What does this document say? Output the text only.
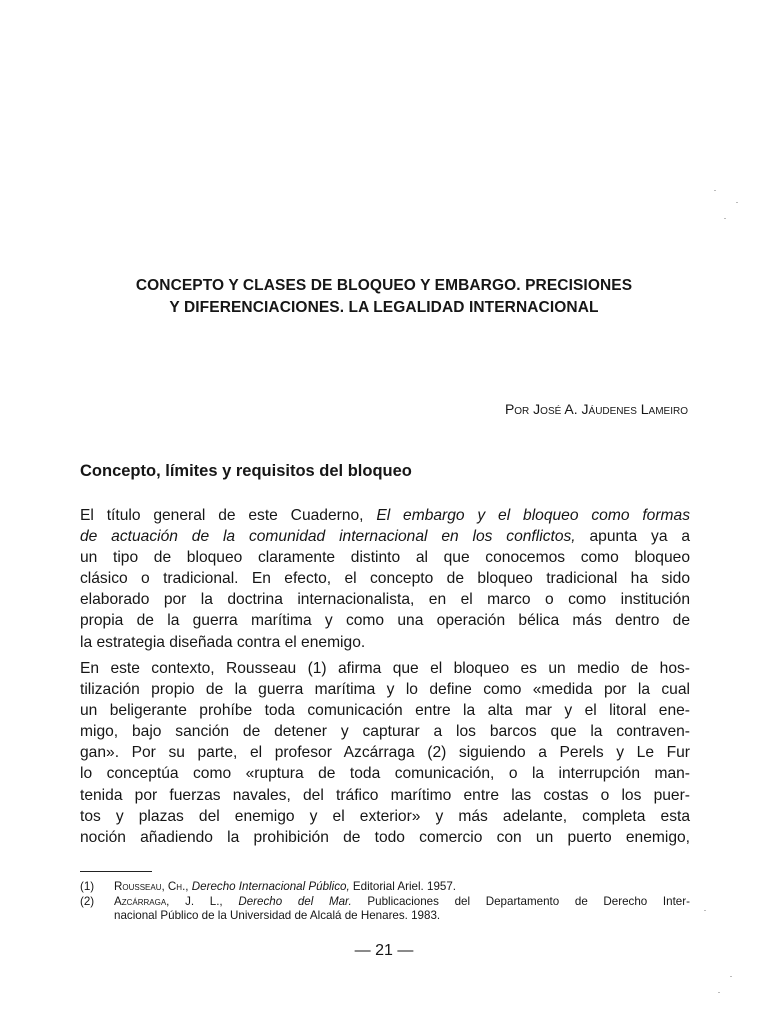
CONCEPTO Y CLASES DE BLOQUEO Y EMBARGO. PRECISIONES
Y DIFERENCIACIONES. LA LEGALIDAD INTERNACIONAL
Por José A. Jáudenes Lameiro
Concepto, límites y requisitos del bloqueo
El título general de este Cuaderno, El embargo y el bloqueo como formas
de actuación de la comunidad internacional en los conflictos, apunta ya a
un tipo de bloqueo claramente distinto al que conocemos como bloqueo
clásico o tradicional. En efecto, el concepto de bloqueo tradicional ha sido
elaborado por la doctrina internacionalista, en el marco o como institución
propia de la guerra marítima y como una operación bélica más dentro de
la estrategia diseñada contra el enemigo.
En este contexto, Rousseau (1) afirma que el bloqueo es un medio de hos-
tilización propio de la guerra marítima y lo define como «medida por la cual
un beligerante prohíbe toda comunicación entre la alta mar y el litoral ene-
migo, bajo sanción de detener y capturar a los barcos que la contraven-
gan». Por su parte, el profesor Azcárraga (2) siguiendo a Perels y Le Fur
lo conceptúa como «ruptura de toda comunicación, o la interrupción man-
tenida por fuerzas navales, del tráfico marítimo entre las costas o los puer-
tos y plazas del enemigo y el exterior» y más adelante, completa esta
noción añadiendo la prohibición de todo comercio con un puerto enemigo,
(1) Rousseau, Ch., Derecho Internacional Público, Editorial Ariel. 1957.
(2) Azcárraga, J. L., Derecho del Mar. Publicaciones del Departamento de Derecho Inter-
nacional Público de la Universidad de Alcalá de Henares. 1983.
— 21 —
